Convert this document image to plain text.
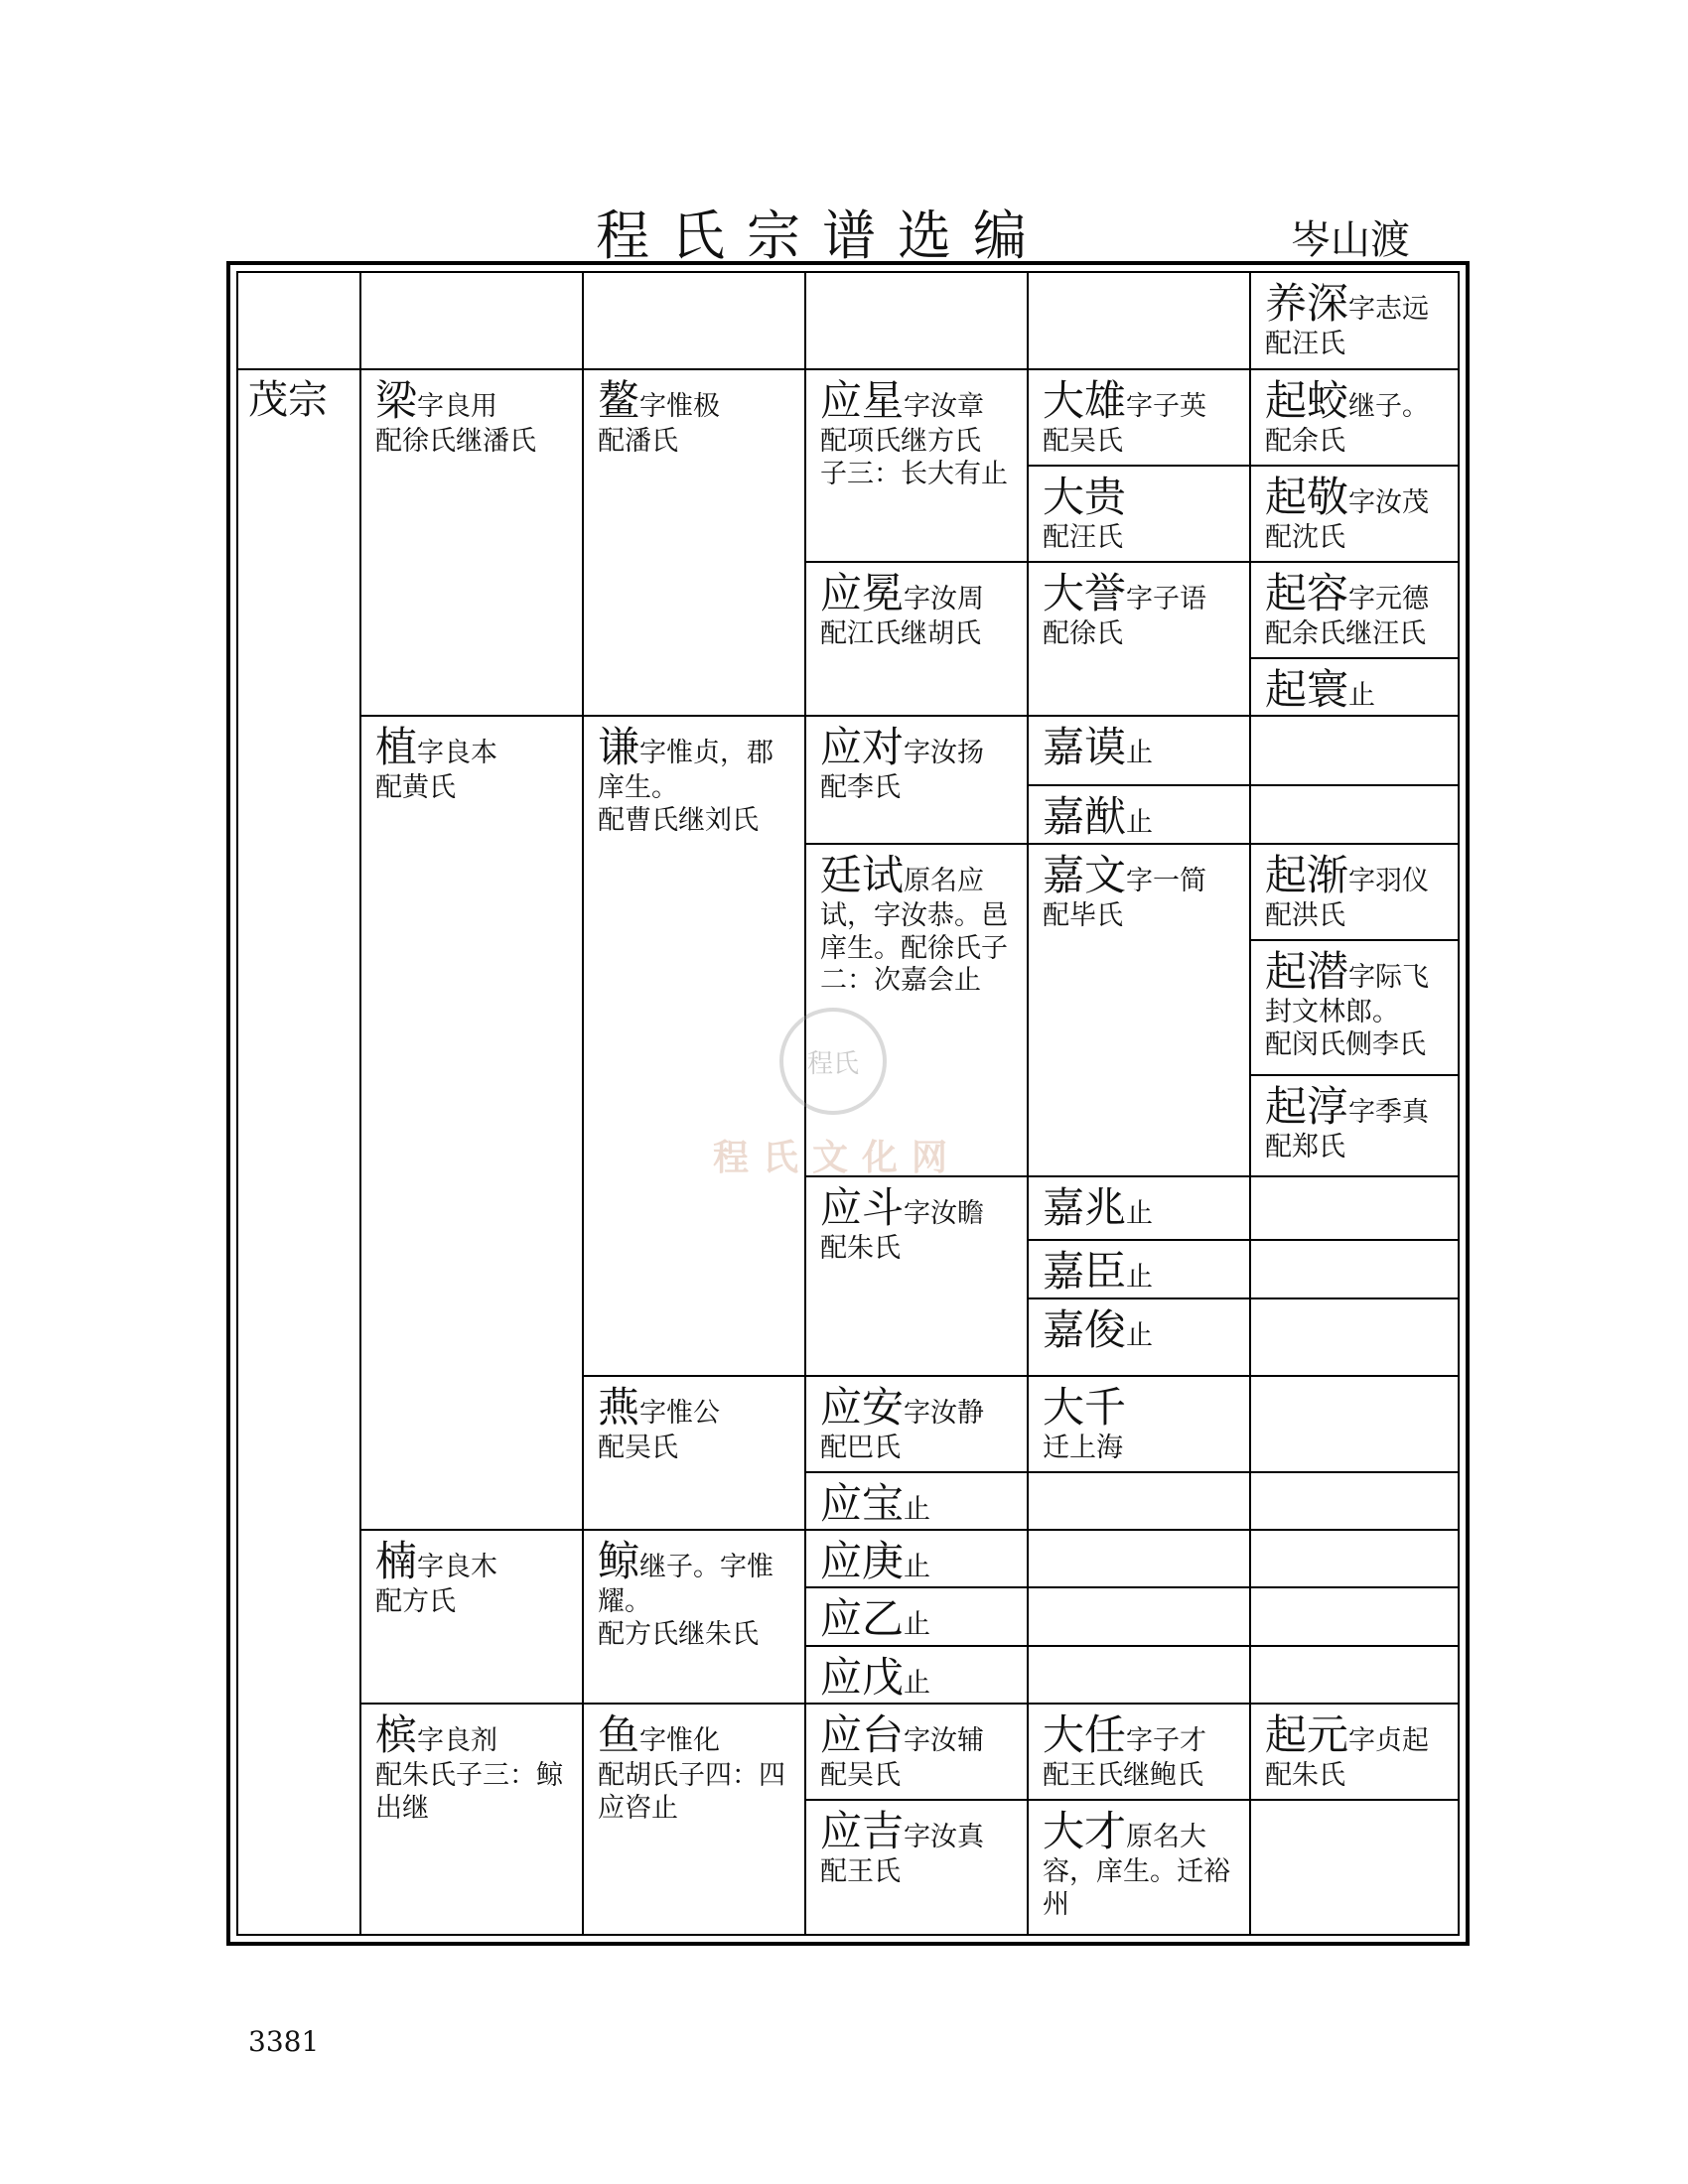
程氏宗谱选编	岑山渡
茂宗
养深字志远
配汪氏
梁字良用
配徐氏继潘氏
鳌字惟极
配潘氏
应星字汝章
配项氏继方氏
子三：长大有止
大雄字子英
配吴氏
起蛟继子。
配余氏
大贵
配汪氏
起敬字汝茂
配沈氏
应冕字汝周
配江氏继胡氏
大誉字子语
配徐氏
起容字元德
配余氏继汪氏
起寰止
植字良本
配黄氏
谦字惟贞，郡
庠生。
配曹氏继刘氏
应对字汝扬
配李氏
嘉谟止
嘉猷止
廷试原名应
试，字汝恭。邑
庠生。配徐氏子
二：次嘉会止
嘉文字一简
配毕氏
起渐字羽仪
配洪氏
起潜字际飞
封文林郎。
配闵氏侧李氏
起淳字季真
配郑氏
应斗字汝瞻
配朱氏
嘉兆止
嘉臣止
嘉俊止
燕字惟公
配吴氏
应安字汝静
配巴氏
大千
迁上海
应宝止
楠字良木
配方氏
鲸继子。字惟
耀。
配方氏继朱氏
应庚止
应乙止
应戊止
槟字良剂
配朱氏子三：鲸
出继
鱼字惟化
配胡氏子四：四
应咨止
应台字汝辅
配吴氏
大任字子才
配王氏继鲍氏
起元字贞起
配朱氏
应吉字汝真
配王氏
大才原名大
容，庠生。迁裕
州
程氏
程氏文化网
3381
